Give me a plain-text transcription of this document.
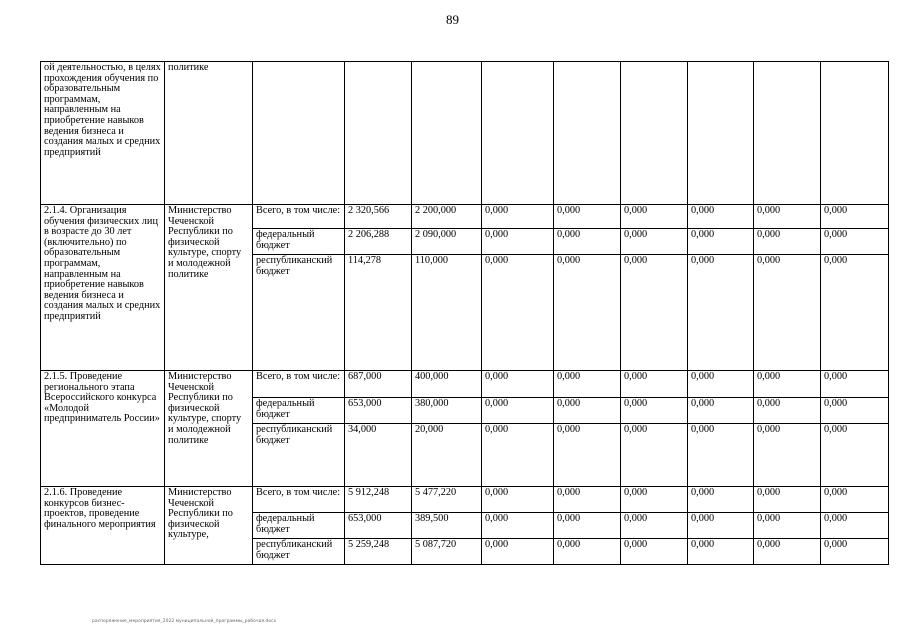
89
ой деятельностью, в целях прохождения обучения по образовательным программам, направленным на приобретение навыков ведения бизнеса и создания малых и средних предприятий	политике									
2.1.4. Организация обучения физических лиц в возрасте до 30 лет (включительно) по образовательным программам, направленным на приобретение навыков ведения бизнеса и создания малых и средних предприятий	Министерство Чеченской Республики по физической культуре, спорту и молодежной политике	Всего, в том числе:	2 320,566	2 200,000	0,000	0,000	0,000	0,000	0,000	0,000
		федеральный бюджет	2 206,288	2 090,000	0,000	0,000	0,000	0,000	0,000	0,000
		республиканский бюджет	114,278	110,000	0,000	0,000	0,000	0,000	0,000	0,000
2.1.5. Проведение регионального этапа Всероссийского конкурса «Молодой предприниматель России»	Министерство Чеченской Республики по физической культуре, спорту и молодежной политике	Всего, в том числе:	687,000	400,000	0,000	0,000	0,000	0,000	0,000	0,000
		федеральный бюджет	653,000	380,000	0,000	0,000	0,000	0,000	0,000	0,000
		республиканский бюджет	34,000	20,000	0,000	0,000	0,000	0,000	0,000	0,000
2.1.6. Проведение конкурсов бизнес-проектов, проведение финального мероприятия	Министерство Чеченской Республики по физической культуре,	Всего, в том числе:	5 912,248	5 477,220	0,000	0,000	0,000	0,000	0,000	0,000
		федеральный бюджет	653,000	389,500	0,000	0,000	0,000	0,000	0,000	0,000
		республиканский бюджет	5 259,248	5 087,720	0,000	0,000	0,000	0,000	0,000	0,000
распоряжение_мероприятия_2022 муниципальной_программы_рабочая.docx
